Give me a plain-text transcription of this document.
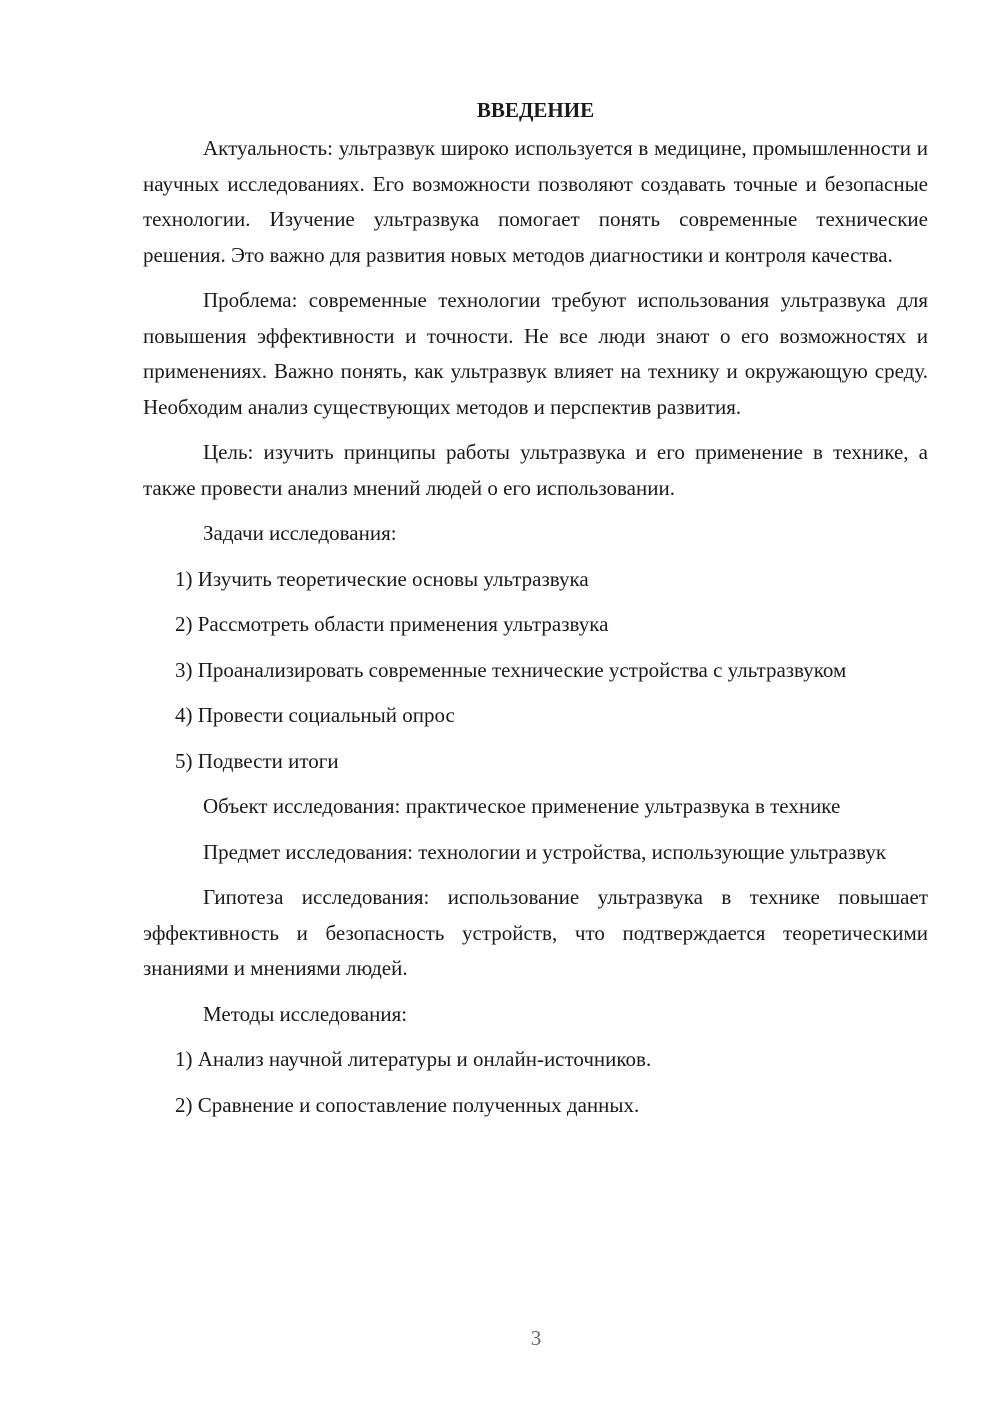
ВВЕДЕНИЕ

Актуальность: ультразвук широко используется в медицине, промышленности и научных исследованиях. Его возможности позволяют создавать точные и безопасные технологии. Изучение ультразвука помогает понять современные технические решения. Это важно для развития новых методов диагностики и контроля качества.

Проблема: современные технологии требуют использования ультразвука для повышения эффективности и точности. Не все люди знают о его возможностях и применениях. Важно понять, как ультразвук влияет на технику и окружающую среду. Необходим анализ существующих методов и перспектив развития.

Цель: изучить принципы работы ультразвука и его применение в технике, а также провести анализ мнений людей о его использовании.

Задачи исследования:

1) Изучить теоретические основы ультразвука

2) Рассмотреть области применения ультразвука

3) Проанализировать современные технические устройства с ультразвуком

4) Провести социальный опрос

5) Подвести итоги

Объект исследования: практическое применение ультразвука в технике

Предмет исследования: технологии и устройства, использующие ультразвук

Гипотеза исследования: использование ультразвука в технике повышает эффективность и безопасность устройств, что подтверждается теоретическими знаниями и мнениями людей.

Методы исследования:

1) Анализ научной литературы и онлайн-источников.

2) Сравнение и сопоставление полученных данных.

3
